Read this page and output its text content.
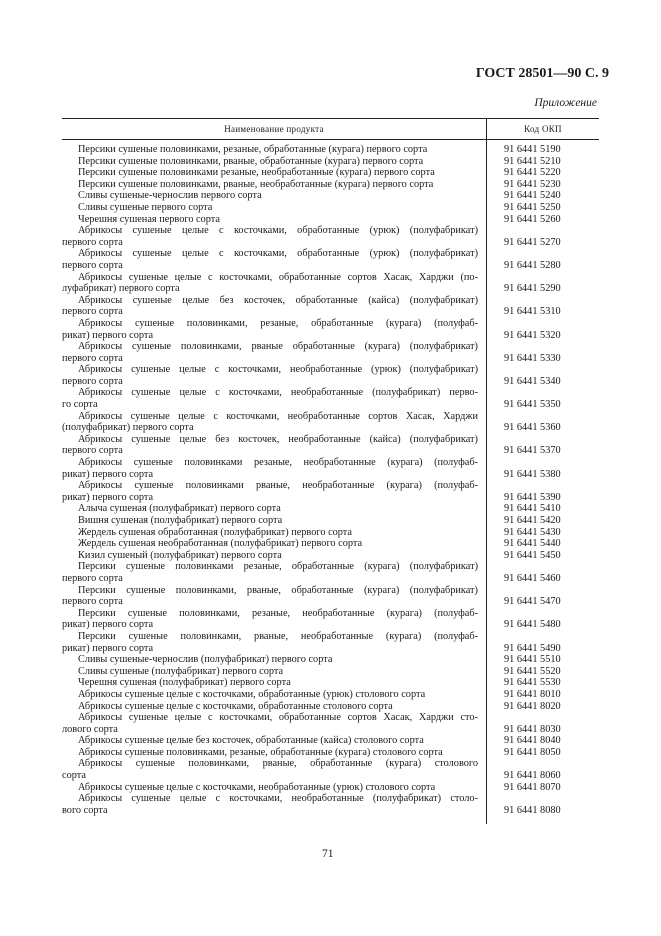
ГОСТ 28501—90 С. 9
Приложение
Наименование продукта	Код ОКП
Персики сушеные половинками, резаные, обработанные (курага) первого сорта
Персики сушеные половинками, рваные, обработанные (курага) первого сорта
Персики сушеные половинками резаные, необработанные (курага) первого сорта
Персики сушеные половинками, рваные, необработанные (курага) первого сорта
Сливы сушеные-чернослив первого сорта
Сливы сушеные первого сорта
Черешня сушеная первого сорта
Абрикосы сушеные целые с косточками, обработанные (урюк) (полуфабрикат)
первого сорта
Абрикосы сушеные целые с косточками, обработанные (урюк) (полуфабрикат)
первого сорта
Абрикосы сушеные целые с косточками, обработанные сортов Хасак, Харджи (по-
луфабрикат) первого сорта
Абрикосы сушеные целые без косточек, обработанные (кайса) (полуфабрикат)
первого сорта
Абрикосы сушеные половинками, резаные, обработанные (курага) (полуфаб-
рикат) первого сорта
Абрикосы сушеные половинками, рваные обработанные (курага) (полуфабрикат)
первого сорта
Абрикосы сушеные целые с косточками, необработанные (урюк) (полуфабрикат)
первого сорта
Абрикосы сушеные целые с косточками, необработанные (полуфабрикат) перво-
го сорта
Абрикосы сушеные целые с косточками, необработанные сортов Хасак, Харджи
(полуфабрикат) первого сорта
Абрикосы сушеные целые без косточек, необработанные (кайса) (полуфабрикат)
первого сорта
Абрикосы сушеные половинками резаные, необработанные (курага) (полуфаб-
рикат) первого сорта
Абрикосы сушеные половинками рваные, необработанные (курага) (полуфаб-
рикат) первого сорта
Алыча сушеная (полуфабрикат) первого сорта
Вишня сушеная (полуфабрикат) первого сорта
Жердель сушеная обработанная (полуфабрикат) первого сорта
Жердель сушеная необработанная (полуфабрикат) первого сорта
Кизил сушеный (полуфабрикат) первого сорта
Персики сушеные половинками резаные, обработанные (курага) (полуфабрикат)
первого сорта
Персики сушеные половинками, рваные, обработанные (курага) (полуфабрикат)
первого сорта
Персики сушеные половинками, резаные, необработанные (курага) (полуфаб-
рикат) первого сорта
Персики сушеные половинками, рваные, необработанные (курага) (полуфаб-
рикат) первого сорта
Сливы сушеные-чернослив (полуфабрикат) первого сорта
Сливы сушеные (полуфабрикат) первого сорта
Черешня сушеная (полуфабрикат) первого сорта
Абрикосы сушеные целые с косточками, обработанные (урюк) столового сорта
Абрикосы сушеные целые с косточками, обработанные столового сорта
Абрикосы сушеные целые с косточками, обработанные сортов Хасак, Харджи сто-
лового сорта
Абрикосы сушеные целые без косточек, обработанные (кайса) столового сорта
Абрикосы сушеные половинками, резаные, обработанные (курага) столового сорта
Абрикосы сушеные половинками, рваные, обработанные (курага) столового
сорта
Абрикосы сушеные целые с косточками, необработанные (урюк) столового сорта
Абрикосы сушеные целые с косточками, необработанные (полуфабрикат) столо-
вого сорта
91 6441 5190
91 6441 5210
91 6441 5220
91 6441 5230
91 6441 5240
91 6441 5250
91 6441 5260
91 6441 5270
91 6441 5280
91 6441 5290
91 6441 5310
91 6441 5320
91 6441 5330
91 6441 5340
91 6441 5350
91 6441 5360
91 6441 5370
91 6441 5380
91 6441 5390
91 6441 5410
91 6441 5420
91 6441 5430
91 6441 5440
91 6441 5450
91 6441 5460
91 6441 5470
91 6441 5480
91 6441 5490
91 6441 5510
91 6441 5520
91 6441 5530
91 6441 8010
91 6441 8020
91 6441 8030
91 6441 8040
91 6441 8050
91 6441 8060
91 6441 8070
91 6441 8080
71
